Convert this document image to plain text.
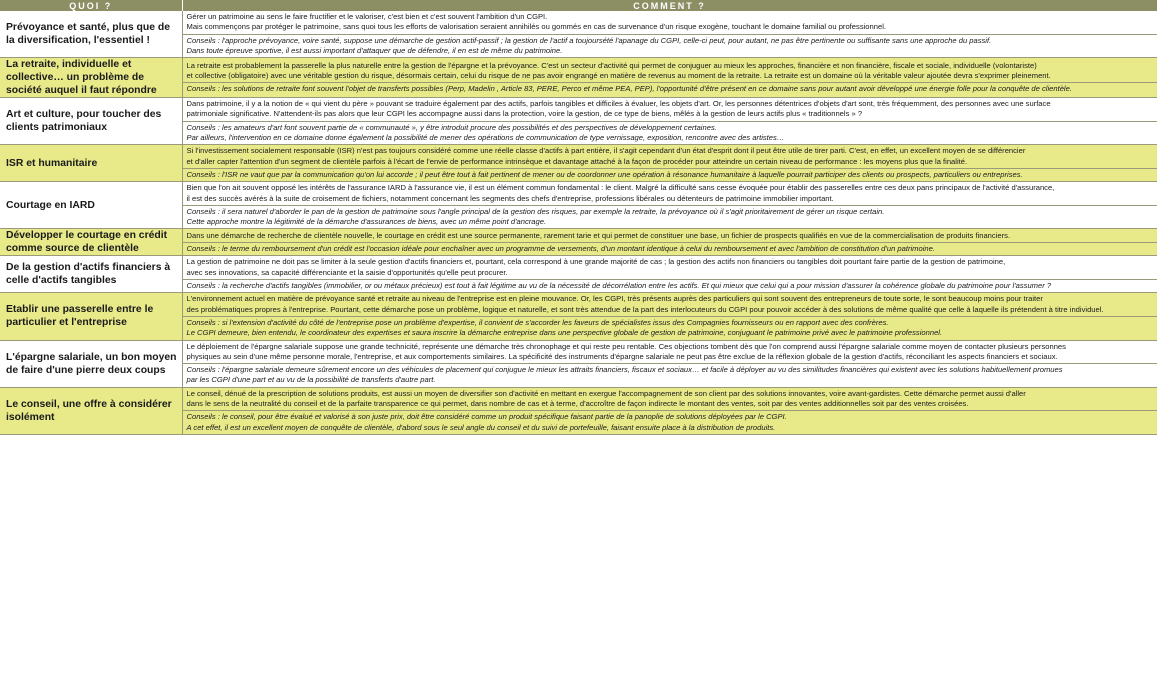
QUOI ?	COMMENT ?
Prévoyance et santé, plus que de la diversification, l'essentiel !	Gérer un patrimoine au sens le faire fructifier et le valoriser, c'est bien et c'est souvent l'ambition d'un CGPI.
Mais commençons par protéger le patrimoine, sans quoi tous les efforts de valorisation seraient annihilés ou gommés en cas de survenance d'un risque exogène, touchant le domaine familial ou professionnel.
Conseils : l'approche prévoyance, voire santé, suppose une démarche de gestion actif-passif ; la gestion de l'actif a toujoursété l'apanage du CGPI, celle-ci peut, pour autant, ne pas être pertinente ou suffisante sans une approche du passif.
Dans toute épreuve sportive, il est aussi important d'attaquer que de défendre, il en est de même du patrimoine.

La retraite, individuelle et collective… un problème de société auquel il faut répondre	La retraite est probablement la passerelle la plus naturelle entre la gestion de l'épargne et la prévoyance. C'est un secteur d'activité qui permet de conjuguer au mieux les approches, financière et non financière, fiscale et sociale, individuelle (volontariste)
et collective (obligatoire) avec une véritable gestion du risque, désormais certain, celui du risque de ne pas avoir engrangé en matière de revenus au moment de la retraite. La retraite est un domaine où la véritable valeur ajoutée devra s'exprimer pleinement.
Conseils : les solutions de retraite font souvent l'objet de transferts possibles (Perp, Madelin , Article 83, PERE, Perco et même PEA, PEP), l'opportunité d'être présent en ce domaine sans pour autant avoir développé une énergie folle pour la conquête de clientèle.

Art et culture, pour toucher des clients patrimoniaux	Dans patrimoine, il y a la notion de « qui vient du père » pouvant se traduire également par des actifs, parfois tangibles et difficiles à évaluer, les objets d'art. Or, les personnes détentrices d'objets d'art sont, très fréquemment, des personnes avec une surface
patrimoniale significative. N'attendent-ils pas alors que leur CGPI les accompagne aussi dans la protection, voire la gestion, de ce type de biens, mêlés à la gestion de leurs actifs plus « traditionnels » ?
Conseils : les amateurs d'art font souvent partie de « communauté », y être introduit procure des possibilités et des perspectives de développement certaines.
Par ailleurs, l'intervention en ce domaine donne également la possibilité de mener des opérations de communication de type vernissage, exposition, rencontre avec des artistes…

ISR et humanitaire	Si l'investissement socialement responsable (ISR) n'est pas toujours considéré comme une réelle classe d'actifs à part entière, il s'agit cependant d'un état d'esprit dont il peut être utile de tirer parti. C'est, en effet, un excellent moyen de se différencier
et d'aller capter l'attention d'un segment de clientèle parfois à l'écart de l'envie de performance intrinsèque et davantage attaché à la façon de procéder pour atteindre un certain niveau de performance : les moyens plus que la finalité.
Conseils : l'ISR ne vaut que par la communication qu'on lui accorde ; il peut être tout à fait pertinent de mener ou de coordonner une opération à résonance humanitaire à laquelle pourrait participer des clients ou prospects, particuliers ou entreprises.

Courtage en IARD	Bien que l'on ait souvent opposé les intérêts de l'assurance IARD à l'assurance vie, il est un élément commun fondamental : le client. Malgré la difficulté sans cesse évoquée pour établir des passerelles entre ces deux pans principaux de l'activité d'assurance,
il est des succès avérés à la suite de croisement de fichiers, notamment concernant les segments des chefs d'entreprise, professions libérales ou détenteurs de patrimoine immobilier important.
Conseils : il sera naturel d'aborder le pan de la gestion de patrimoine sous l'angle principal de la gestion des risques, par exemple la retraite, la prévoyance où il s'agit prioritairement de gérer un risque certain.
Cette approche montre la légitimité de la démarche d'assurances de biens, avec un même point d'ancrage.

Développer le courtage en crédit comme source de clientèle	Dans une démarche de recherche de clientèle nouvelle, le courtage en crédit est une source permanente, rarement tarie et qui permet de constituer une base, un fichier de prospects qualifiés en vue de la commercialisation de produits financiers.
Conseils : le terme du remboursement d'un crédit est l'occasion idéale pour enchaîner avec un programme de versements, d'un montant identique à celui du remboursement et avec l'ambition de constitution d'un patrimoine.

De la gestion d'actifs financiers à celle d'actifs tangibles	La gestion de patrimoine ne doit pas se limiter à la seule gestion d'actifs financiers et, pourtant, cela correspond à une grande majorité de cas ; la gestion des actifs non financiers ou tangibles doit pourtant faire partie de la gestion de patrimoine,
avec ses innovations, sa capacité différenciante et la saisie d'opportunités qu'elle peut procurer.
Conseils : la recherche d'actifs tangibles (immobilier, or ou métaux précieux) est tout à fait légitime au vu de la nécessité de décorrélation entre les actifs. Et qui mieux que celui qui a pour mission d'assurer la cohérence globale du patrimoine pour l'assumer ?

Etablir une passerelle entre le particulier et l'entreprise	L'environnement actuel en matière de prévoyance santé et retraite au niveau de l'entreprise est en pleine mouvance. Or, les CGPI, très présents auprès des particuliers qui sont souvent des entrepreneurs de toute sorte, le sont beaucoup moins pour traiter
des problématiques propres à l'entreprise. Pourtant, cette démarche pose un problème, logique et naturelle, et sont très attendue de la part des interlocuteurs du CGPI pour pouvoir accéder à des solutions de même qualité que celle à laquelle ils prétendent à titre individuel.
Conseils : si l'extension d'activité du côté de l'entreprise pose un problème d'expertise, il convient de s'accorder les faveurs de spécialistes issus des Compagnies fournisseurs ou en rapport avec des confrères.
Le CGPI demeure, bien entendu, le coordinateur des expertises et saura inscrire la démarche entreprise dans une perspective globale de gestion de patrimoine, conjuguant le patrimoine privé avec le patrimoine professionnel.

L'épargne salariale, un bon moyen de faire d'une pierre deux coups	Le déploiement de l'épargne salariale suppose une grande technicité, représente une démarche très chronophage et qui reste peu rentable. Ces objections tombent dès que l'on comprend aussi l'épargne salariale comme moyen de contacter plusieurs personnes
physiques au sein d'une même personne morale, l'entreprise, et aux comportements similaires. La spécificité des instruments d'épargne salariale ne peut pas être exclue de la réflexion globale de la gestion d'actifs, réconciliant les aspects financiers et sociaux.
Conseils : l'épargne salariale demeure sûrement encore un des véhicules de placement qui conjugue le mieux les attraits financiers, fiscaux et sociaux… et facile à déployer au vu des similitudes financières qui existent avec les solutions habituellement promues
par les CGPI d'une part et au vu de la possibilité de transferts d'autre part.

Le conseil, une offre à considérer isolément	Le conseil, dénué de la prescription de solutions produits, est aussi un moyen de diversifier son d'activité en mettant en exergue l'accompagnement de son client par des solutions innovantes, voire avant-gardistes. Cette démarche permet aussi d'aller
dans le sens de la neutralité du conseil et de la parfaite transparence ce qui permet, dans nombre de cas et à terme, d'accroître de façon indirecte le montant des ventes, soit par des ventes additionnelles soit par des ventes croisées.
Conseils : le conseil, pour être évalué et valorisé à son juste prix, doit être considéré comme un produit spécifique faisant partie de la panoplie de solutions déployées par le CGPI.
A cet effet, il est un excellent moyen de conquête de clientèle, d'abord sous le seul angle du conseil et du suivi de portefeuille, faisant ensuite place à la distribution de produits.
